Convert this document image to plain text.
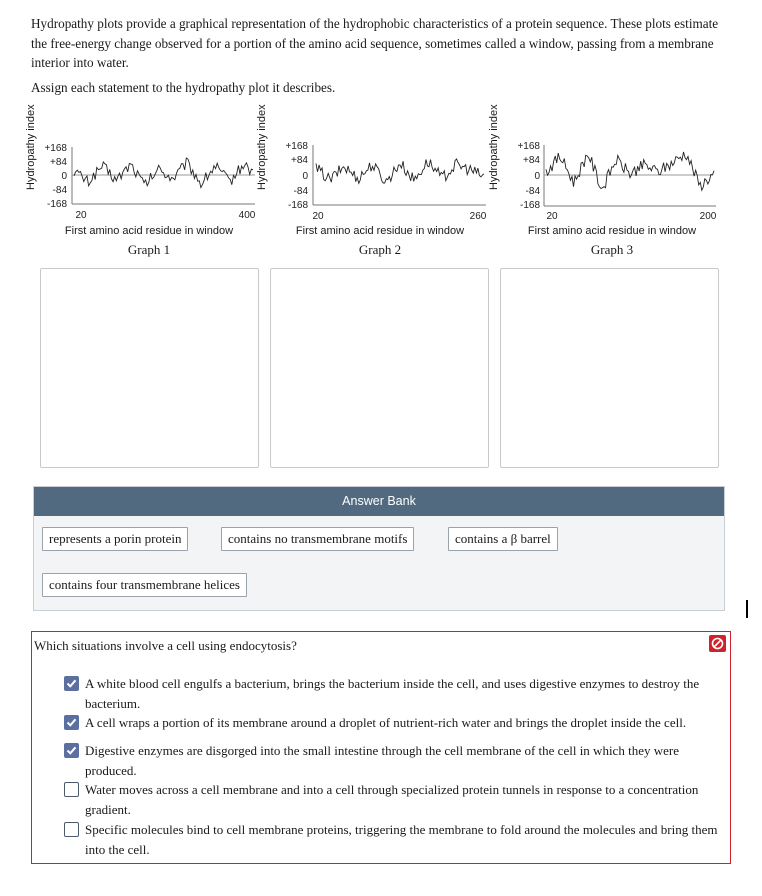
Hydropathy plots provide a graphical representation of the hydrophobic characteristics of a protein sequence. These plots estimate the free-energy change observed for a portion of the amino acid sequence, sometimes called a window, passing from a membrane interior into water.

Assign each statement to the hydropathy plot it describes.

Hydropathy index +168
+84
0
-84
-168
20	400
First amino acid residue in window
Graph 1
Hydropathy index +168
+84
0
-84
-168
20	260
First amino acid residue in window
Graph 2
Hydropathy index +168
+84
0
-84
-168
20	200
First amino acid residue in window
Graph 3
Answer Bank
represents a porin protein	contains no transmembrane motifs	contains a β barrel
contains four transmembrane helices
Which situations involve a cell using endocytosis?
A white blood cell engulfs a bacterium, brings the bacterium inside the cell, and uses digestive enzymes to destroy the bacterium.
A cell wraps a portion of its membrane around a droplet of nutrient-rich water and brings the droplet inside the cell.
Digestive enzymes are disgorged into the small intestine through the cell membrane of the cell in which they were produced.
Water moves across a cell membrane and into a cell through specialized protein tunnels in response to a concentration gradient.
Specific molecules bind to cell membrane proteins, triggering the membrane to fold around the molecules and bring them into the cell.
